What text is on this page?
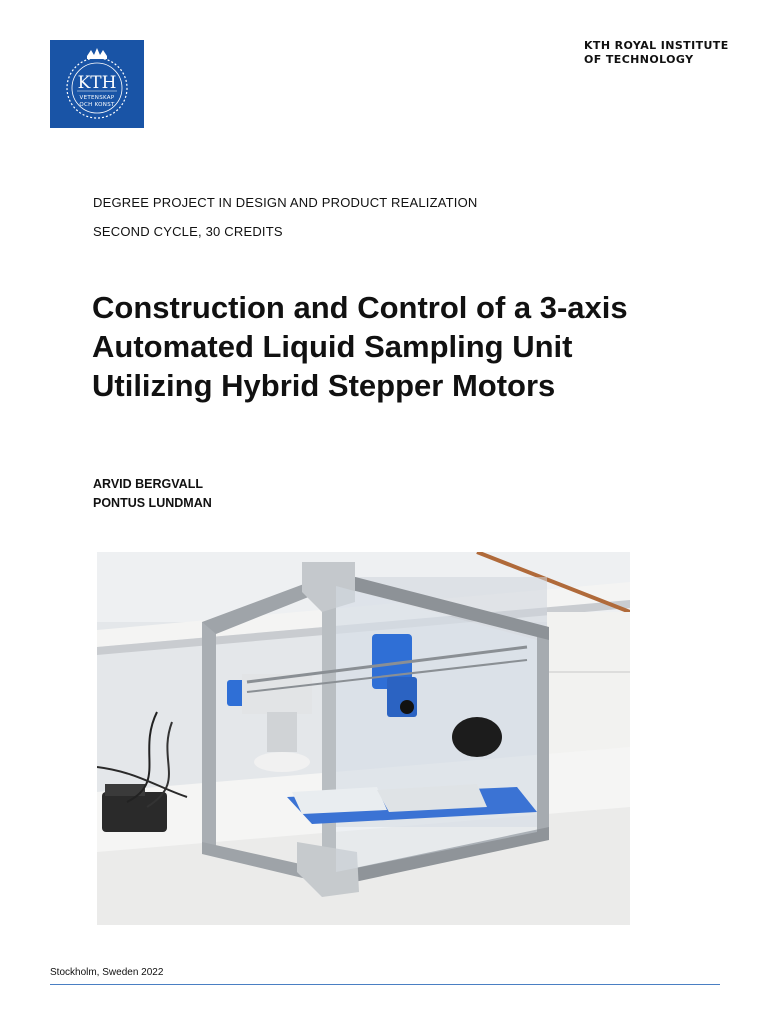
KTH
VETENSKAP
OCH KONST
KTH ROYAL INSTITUTE
OF TECHNOLOGY
DEGREE PROJECT IN DESIGN AND PRODUCT REALIZATION
SECOND CYCLE, 30 CREDITS
Construction and Control of a 3-axis
Automated Liquid Sampling Unit
Utilizing Hybrid Stepper Motors
ARVID BERGVALL
PONTUS LUNDMAN
Stockholm, Sweden 2022
